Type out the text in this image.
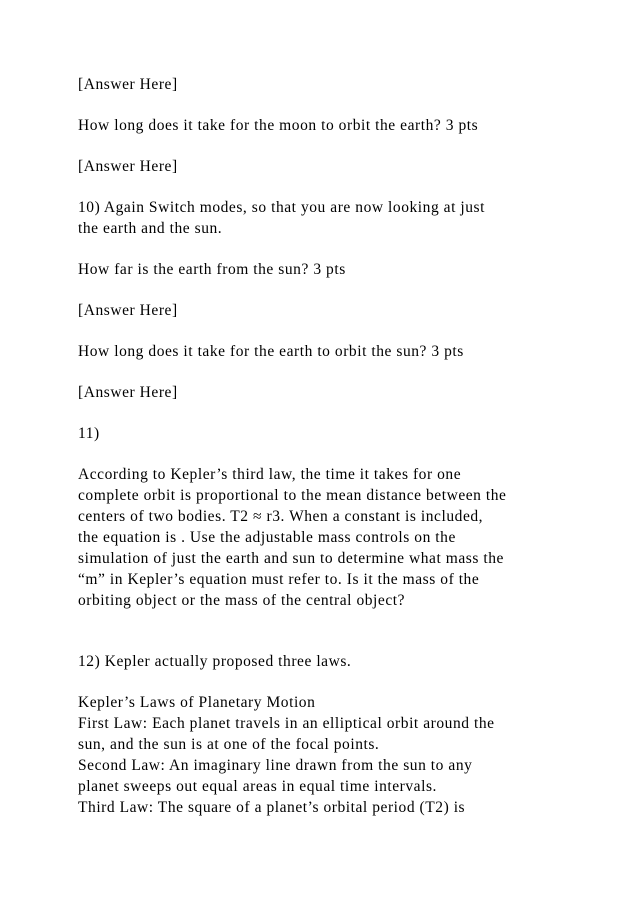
[Answer Here]

How long does it take for the moon to orbit the earth? 3 pts

[Answer Here]

10) Again Switch modes, so that you are now looking at just
the earth and the sun.

How far is the earth from the sun? 3 pts

[Answer Here]

How long does it take for the earth to orbit the sun? 3 pts

[Answer Here]

11)

According to Kepler’s third law, the time it takes for one
complete orbit is proportional to the mean distance between the
centers of two bodies. T2 ≈ r3. When a constant is included,
the equation is . Use the adjustable mass controls on the
simulation of just the earth and sun to determine what mass the
“m” in Kepler’s equation must refer to. Is it the mass of the
orbiting object or the mass of the central object?

12) Kepler actually proposed three laws.

Kepler’s Laws of Planetary Motion
First Law: Each planet travels in an elliptical orbit around the
sun, and the sun is at one of the focal points.
Second Law: An imaginary line drawn from the sun to any
planet sweeps out equal areas in equal time intervals.
Third Law: The square of a planet’s orbital period (T2) is
